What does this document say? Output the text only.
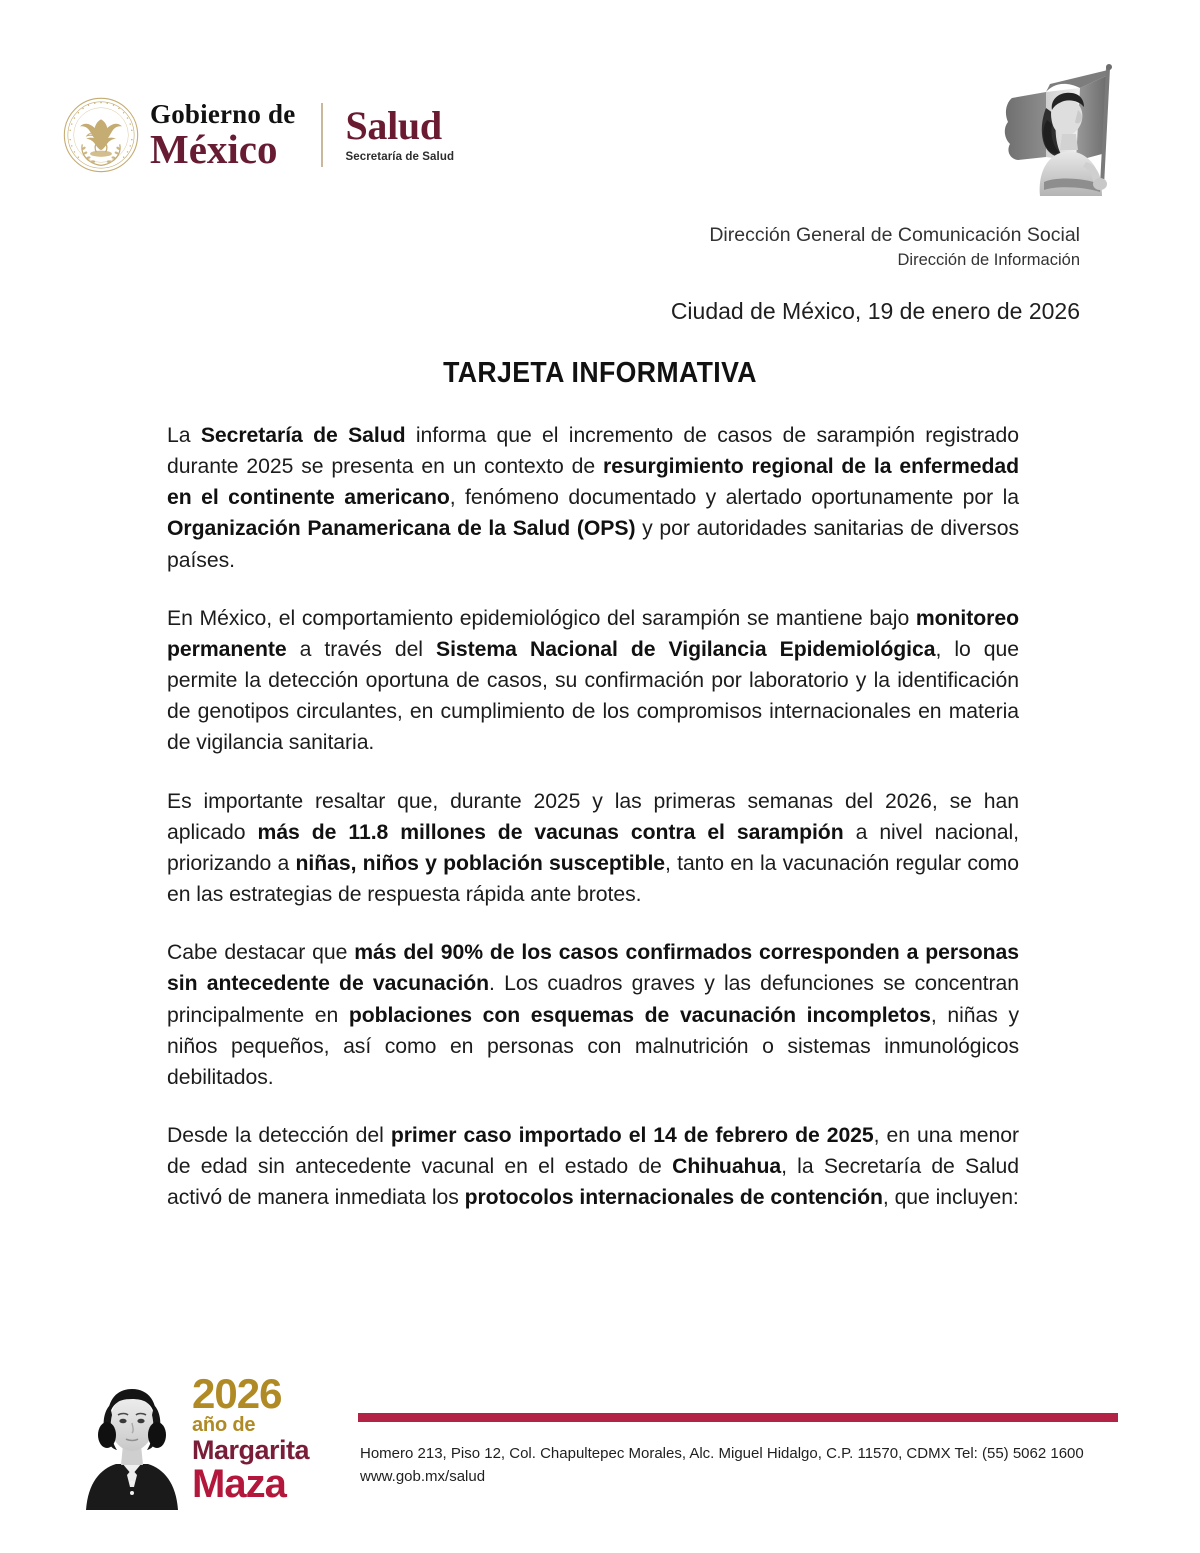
Gobierno de
México
Salud
Secretaría de Salud
Dirección General de Comunicación Social
Dirección de Información
Ciudad de México, 19 de enero de 2026
TARJETA INFORMATIVA

La Secretaría de Salud informa que el incremento de casos de sarampión registrado durante 2025 se presenta en un contexto de resurgimiento regional de la enfermedad en el continente americano, fenómeno documentado y alertado oportunamente por la Organización Panamericana de la Salud (OPS) y por autoridades sanitarias de diversos países.

En México, el comportamiento epidemiológico del sarampión se mantiene bajo monitoreo permanente a través del Sistema Nacional de Vigilancia Epidemiológica, lo que permite la detección oportuna de casos, su confirmación por laboratorio y la identificación de genotipos circulantes, en cumplimiento de los compromisos internacionales en materia de vigilancia sanitaria.

Es importante resaltar que, durante 2025 y las primeras semanas del 2026, se han aplicado más de 11.8 millones de vacunas contra el sarampión a nivel nacional, priorizando a niñas, niños y población susceptible, tanto en la vacunación regular como en las estrategias de respuesta rápida ante brotes.

Cabe destacar que más del 90% de los casos confirmados corresponden a personas sin antecedente de vacunación. Los cuadros graves y las defunciones se concentran principalmente en poblaciones con esquemas de vacunación incompletos, niñas y niños pequeños, así como en personas con malnutrición o sistemas inmunológicos debilitados.

Desde la detección del primer caso importado el 14 de febrero de 2025, en una menor de edad sin antecedente vacunal en el estado de Chihuahua, la Secretaría de Salud activó de manera inmediata los protocolos internacionales de contención, que incluyen:

2026
año de
Margarita
Maza
Homero 213, Piso 12, Col. Chapultepec Morales, Alc. Miguel Hidalgo, C.P. 11570, CDMX Tel: (55) 5062 1600
www.gob.mx/salud
